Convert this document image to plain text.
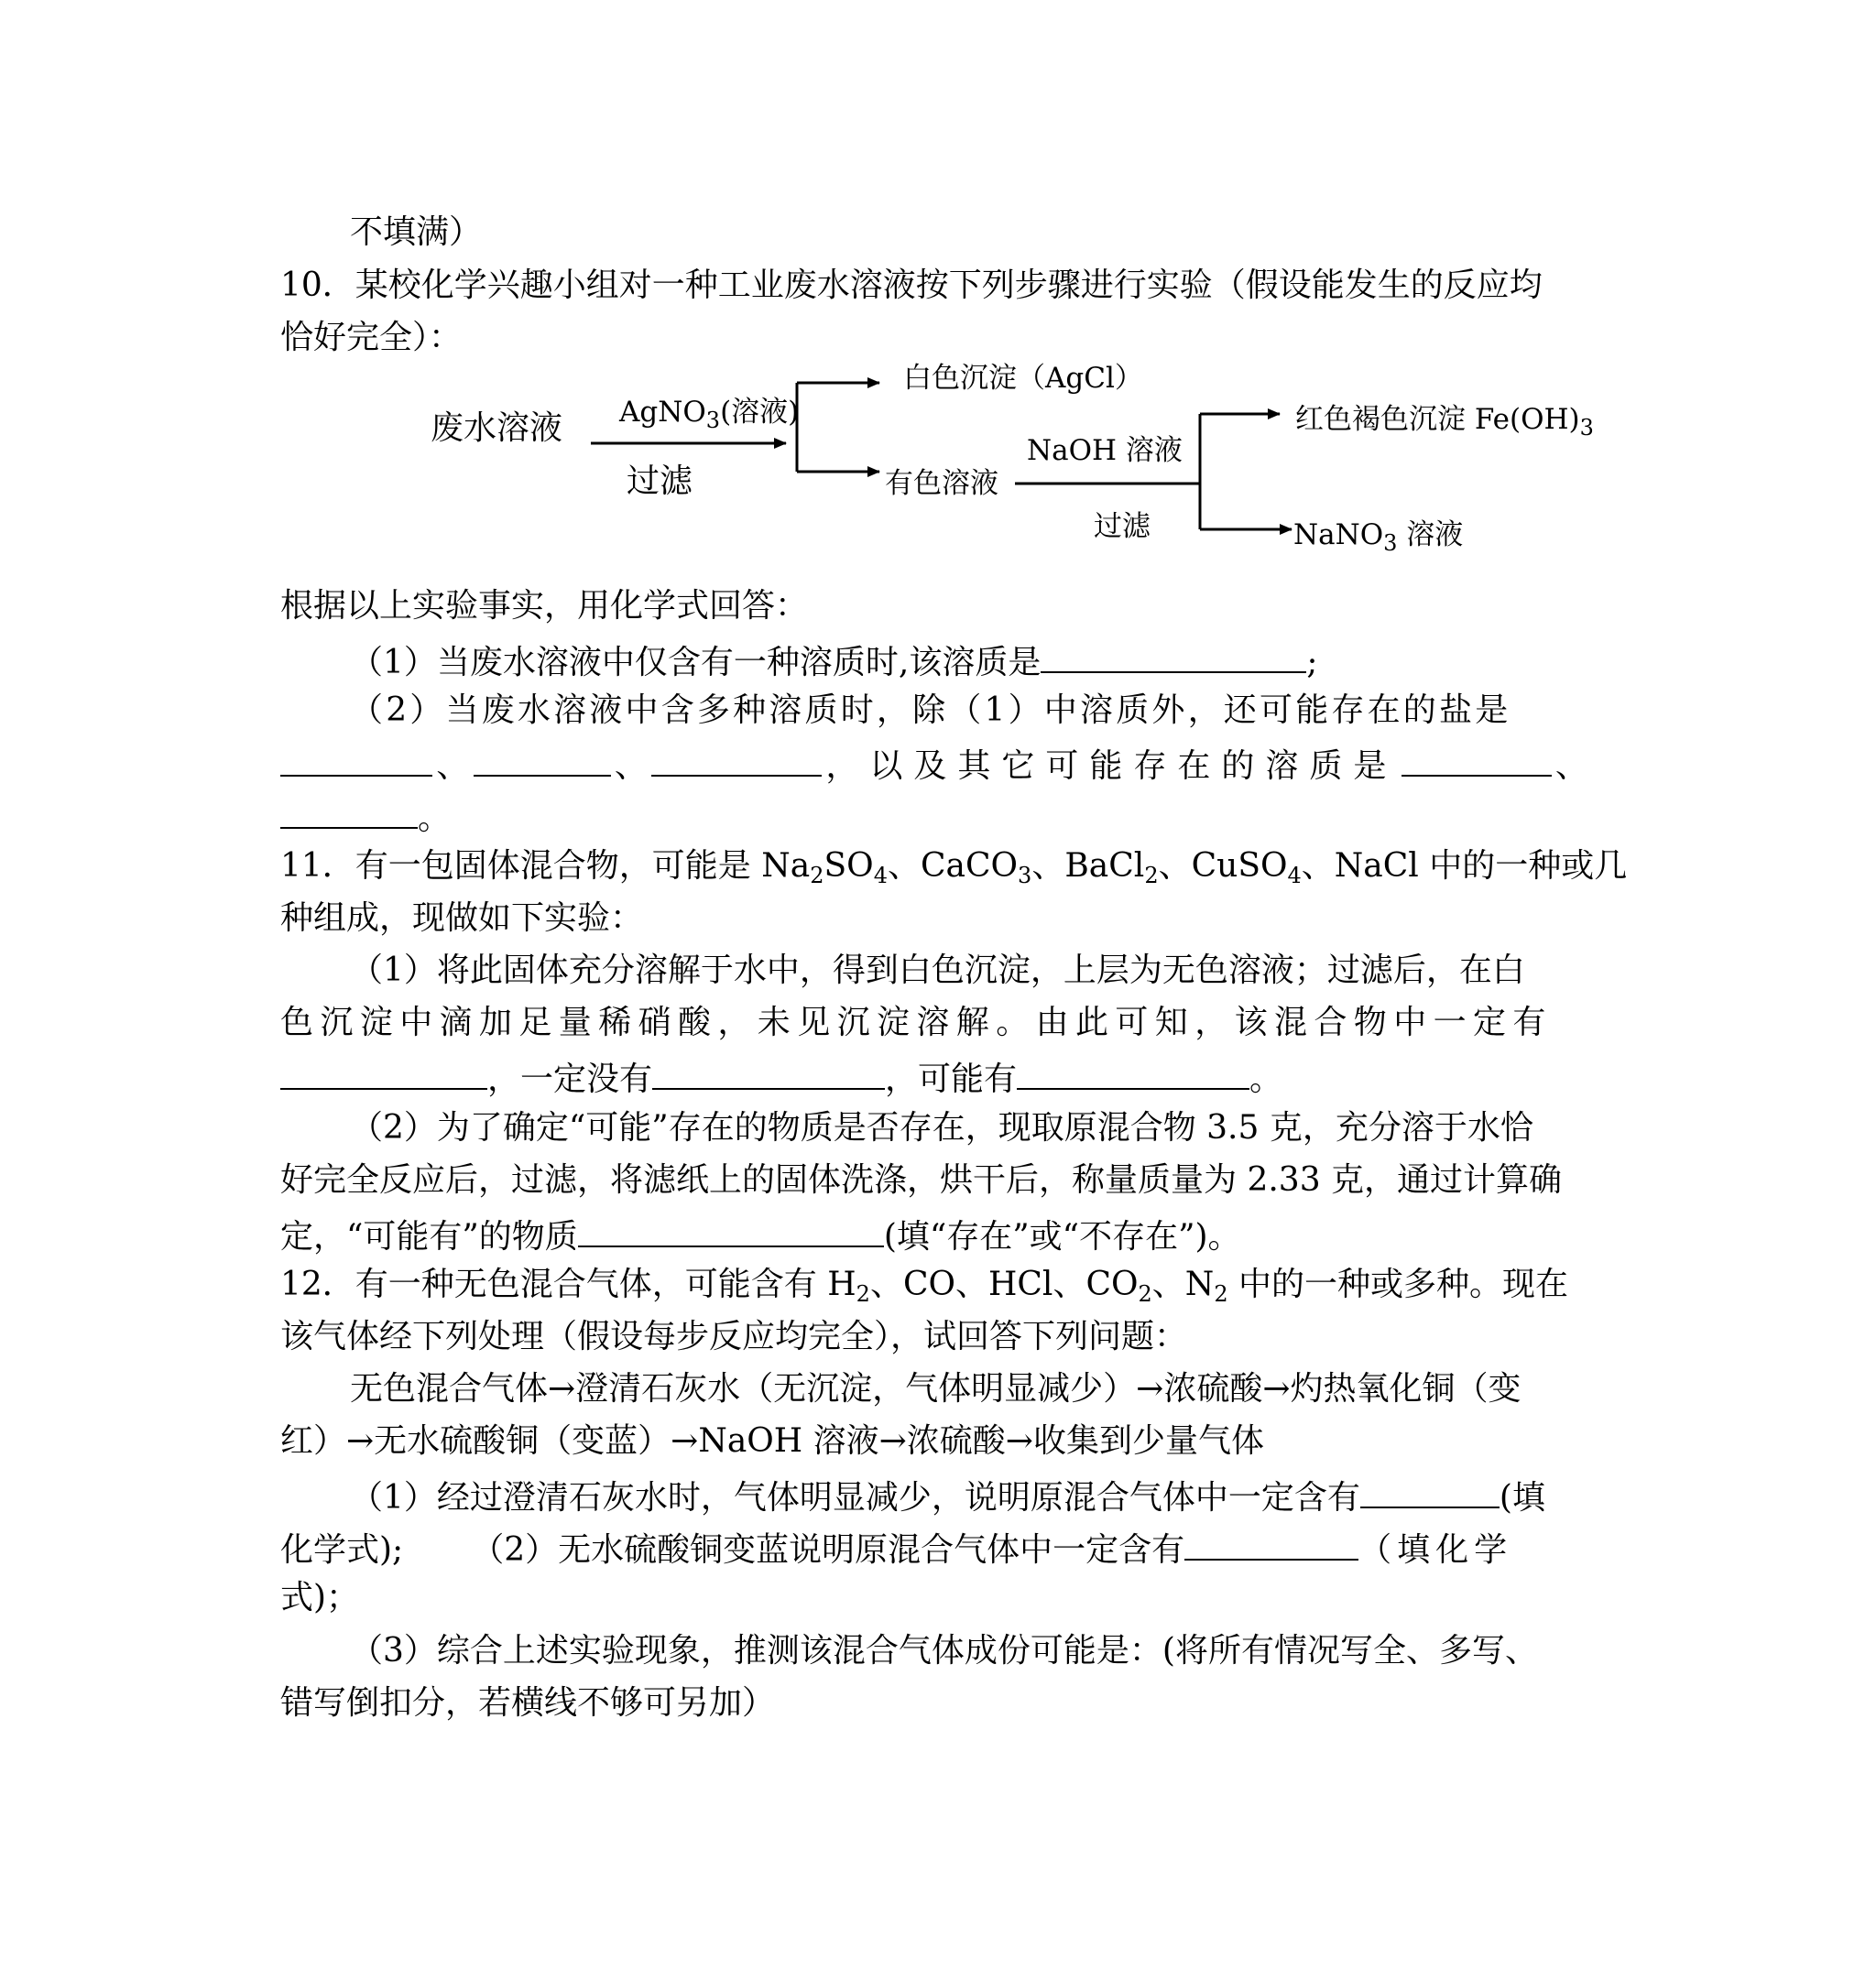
不填满）
10．某校化学兴趣小组对一种工业废水溶液按下列步骤进行实验（假设能发生的反应均
恰好完全）：
废水溶液 AgNO$_3$(溶液)
过滤
白色沉淀（AgCl）
有色溶液
NaOH 溶液
过滤
红色褐色沉淀 $Fe(OH)_3$
NaNO$_3$ 溶液
根据以上实验事实，用化学式回答：
（1）当废水溶液中仅含有一种溶质时,该溶质是	;
（2）当废水溶液中含多种溶质时，除（1）中溶质外，还可能存在的盐是
、	、	，以及其它可能存在的溶质是	、
。
11．有一包固体混合物，可能是 $Na_2SO_4$、CaCO$_3$、BaCl$_2$、CuSO$_4$、NaCl 中的一种或几
种组成，现做如下实验：
（1）将此固体充分溶解于水中，得到白色沉淀，上层为无色溶液；过滤后，在白
色沉淀中滴加足量稀硝酸，未见沉淀溶解。由此可知，该混合物中一定有
，一定没有	，可能有	。
（2）为了确定“可能”存在的物质是否存在，现取原混合物 3.5 克，充分溶于水恰
好完全反应后，过滤，将滤纸上的固体洗涤，烘干后，称量质量为 2.33 克，通过计算确
定，“可能有”的物质	(填“存在”或“不存在”)。
12．有一种无色混合气体，可能含有 $H_2$、CO、HCl、$CO_2$、$N_2$ 中的一种或多种。现在
该气体经下列处理（假设每步反应均完全），试回答下列问题：
无色混合气体→澄清石灰水（无沉淀，气体明显减少）→浓硫酸→灼热氧化铜（变
红）→无水硫酸铜（变蓝）→NaOH 溶液→浓硫酸→收集到少量气体
（1）经过澄清石灰水时，气体明显减少，说明原混合气体中一定含有	(填
化学式); （2）无水硫酸铜变蓝说明原混合气体中一定含有	（填化学
式)；
（3）综合上述实验现象，推测该混合气体成份可能是：(将所有情况写全、多写、
错写倒扣分，若横线不够可另加）
